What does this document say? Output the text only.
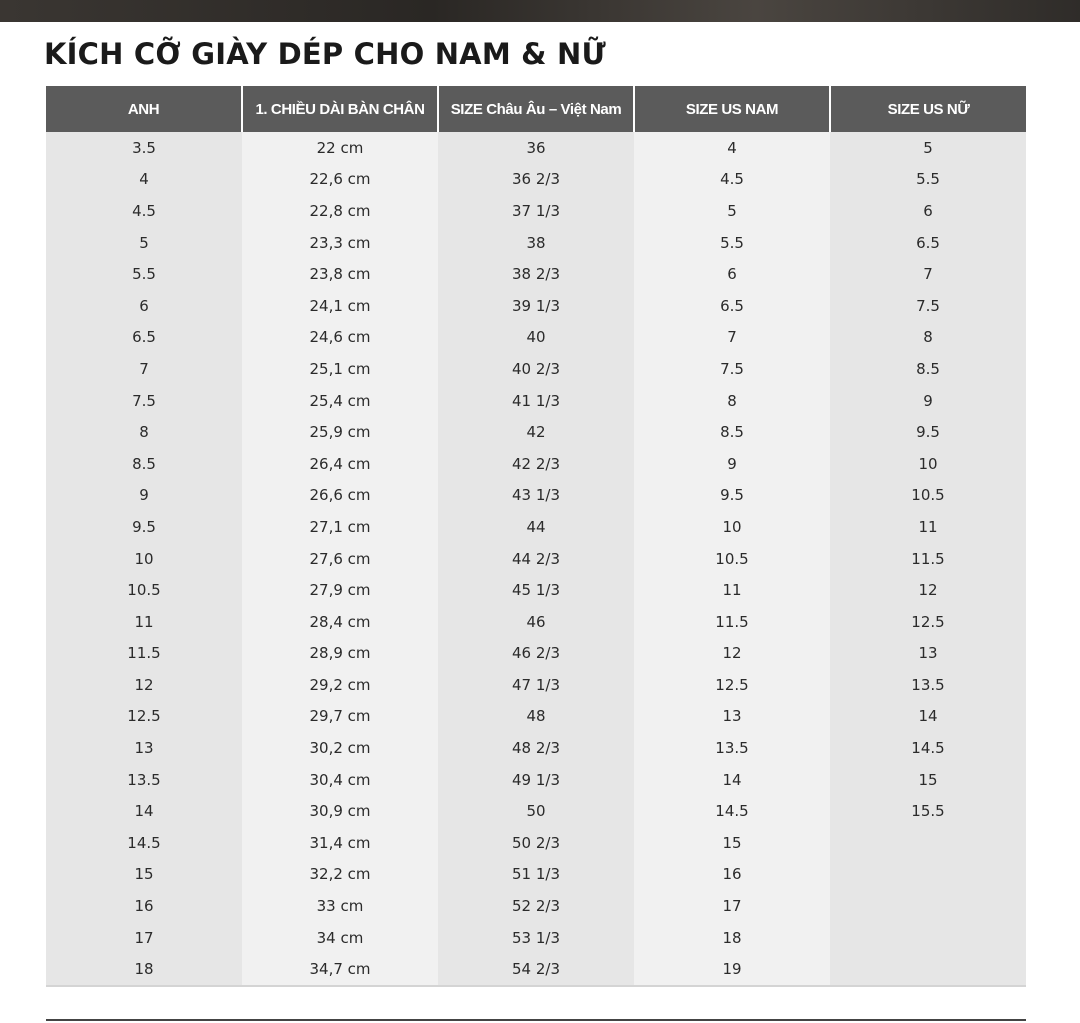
KÍCH CỠ GIÀY DÉP CHO NAM & NỮ
ANH	1. CHIỀU DÀI BÀN CHÂN	SIZE Châu Âu – Việt Nam	SIZE US NAM	SIZE US NỮ
3.5	22 cm	36	4	5
4	22,6 cm	36 2/3	4.5	5.5
4.5	22,8 cm	37 1/3	5	6
5	23,3 cm	38	5.5	6.5
5.5	23,8 cm	38 2/3	6	7
6	24,1 cm	39 1/3	6.5	7.5
6.5	24,6 cm	40	7	8
7	25,1 cm	40 2/3	7.5	8.5
7.5	25,4 cm	41 1/3	8	9
8	25,9 cm	42	8.5	9.5
8.5	26,4 cm	42 2/3	9	10
9	26,6 cm	43 1/3	9.5	10.5
9.5	27,1 cm	44	10	11
10	27,6 cm	44 2/3	10.5	11.5
10.5	27,9 cm	45 1/3	11	12
11	28,4 cm	46	11.5	12.5
11.5	28,9 cm	46 2/3	12	13
12	29,2 cm	47 1/3	12.5	13.5
12.5	29,7 cm	48	13	14
13	30,2 cm	48 2/3	13.5	14.5
13.5	30,4 cm	49 1/3	14	15
14	30,9 cm	50	14.5	15.5
14.5	31,4 cm	50 2/3	15	
15	32,2 cm	51 1/3	16	
16	33 cm	52 2/3	17	
17	34 cm	53 1/3	18	
18	34,7 cm	54 2/3	19	
